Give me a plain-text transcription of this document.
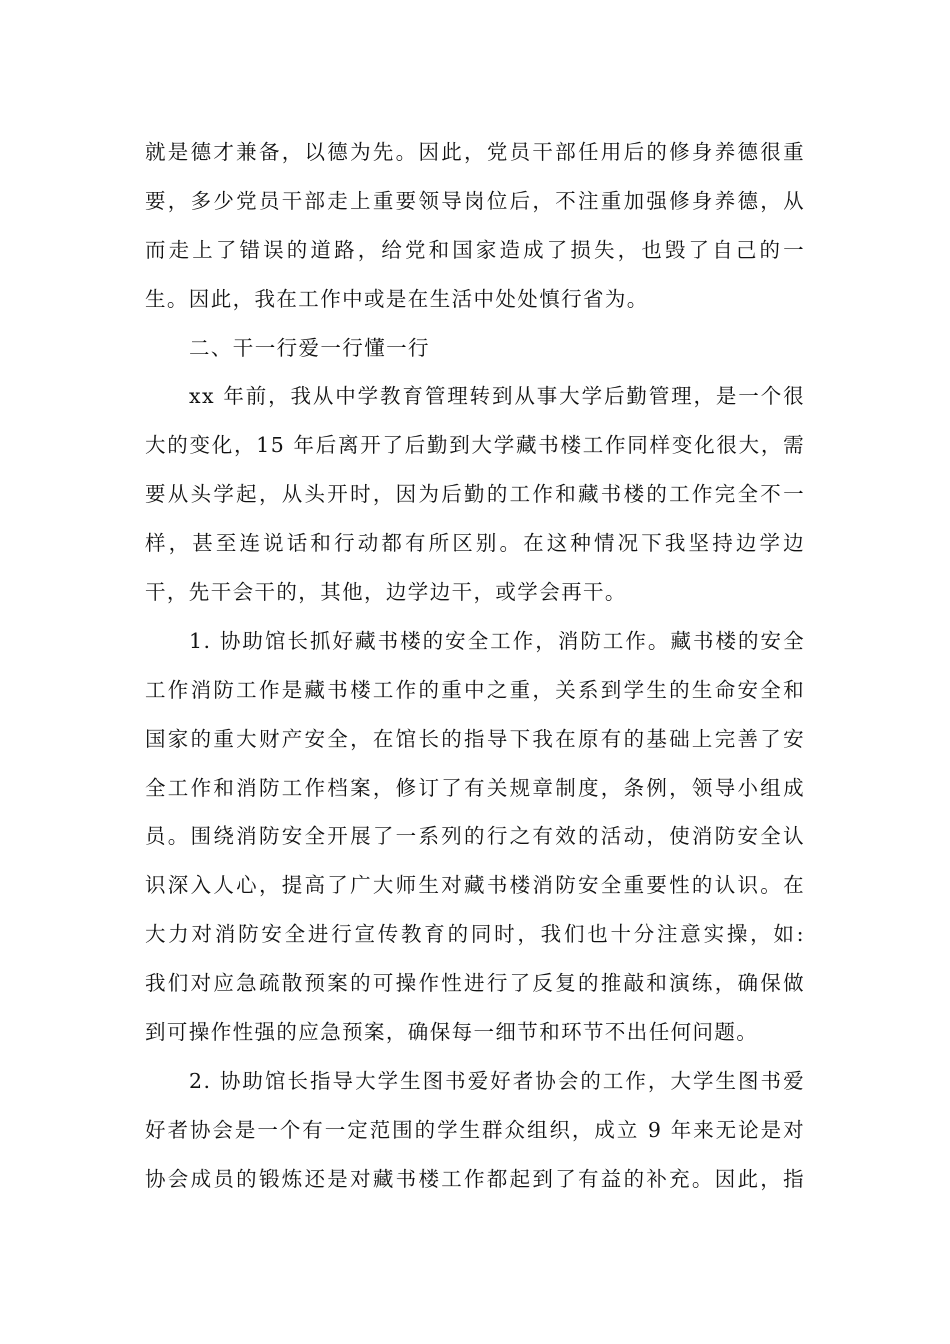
就是德才兼备，以德为先。因此，党员干部任用后的修身养德很重
要，多少党员干部走上重要领导岗位后，不注重加强修身养德，从
而走上了错误的道路，给党和国家造成了损失，也毁了自己的一
生。因此，我在工作中或是在生活中处处慎行省为。
二、干一行爱一行懂一行
xx 年前，我从中学教育管理转到从事大学后勤管理，是一个很
大的变化，15 年后离开了后勤到大学藏书楼工作同样变化很大，需
要从头学起，从头开时，因为后勤的工作和藏书楼的工作完全不一
样，甚至连说话和行动都有所区别。在这种情况下我坚持边学边
干，先干会干的，其他，边学边干，或学会再干。
1. 协助馆长抓好藏书楼的安全工作，消防工作。藏书楼的安全
工作消防工作是藏书楼工作的重中之重，关系到学生的生命安全和
国家的重大财产安全，在馆长的指导下我在原有的基础上完善了安
全工作和消防工作档案，修订了有关规章制度，条例，领导小组成
员。围绕消防安全开展了一系列的行之有效的活动，使消防安全认
识深入人心，提高了广大师生对藏书楼消防安全重要性的认识。在
大力对消防安全进行宣传教育的同时，我们也十分注意实操，如:
我们对应急疏散预案的可操作性进行了反复的推敲和演练，确保做
到可操作性强的应急预案，确保每一细节和环节不出任何问题。
2. 协助馆长指导大学生图书爱好者协会的工作，大学生图书爱
好者协会是一个有一定范围的学生群众组织，成立 9 年来无论是对
协会成员的锻炼还是对藏书楼工作都起到了有益的补充。因此，指
